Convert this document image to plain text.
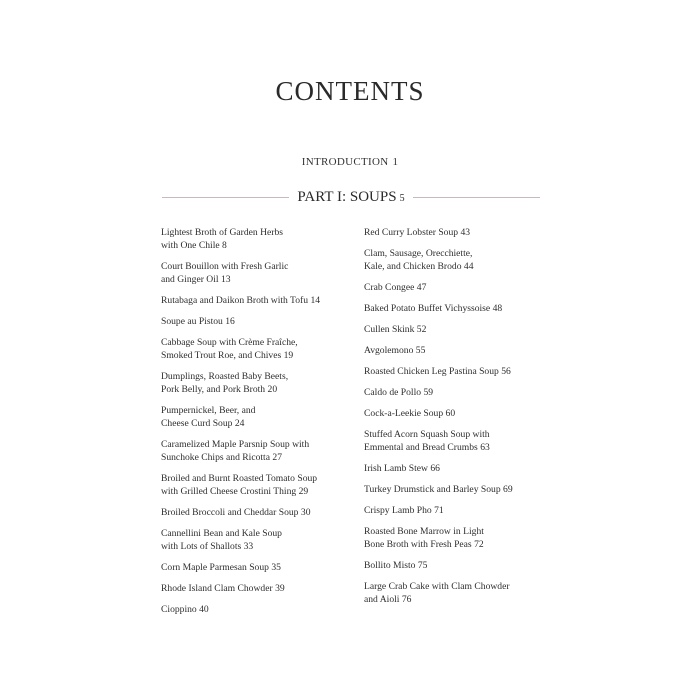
CONTENTS
INTRODUCTION 1
PART I: SOUPS 5
Lightest Broth of Garden Herbs
with One Chile 8
Court Bouillon with Fresh Garlic
and Ginger Oil 13
Rutabaga and Daikon Broth with Tofu 14
Soupe au Pistou 16
Cabbage Soup with Crème Fraîche,
Smoked Trout Roe, and Chives 19
Dumplings, Roasted Baby Beets,
Pork Belly, and Pork Broth 20
Pumpernickel, Beer, and
Cheese Curd Soup 24
Caramelized Maple Parsnip Soup with
Sunchoke Chips and Ricotta 27
Broiled and Burnt Roasted Tomato Soup
with Grilled Cheese Crostini Thing 29
Broiled Broccoli and Cheddar Soup 30
Cannellini Bean and Kale Soup
with Lots of Shallots 33
Corn Maple Parmesan Soup 35
Rhode Island Clam Chowder 39
Cioppino 40
Red Curry Lobster Soup 43
Clam, Sausage, Orecchiette,
Kale, and Chicken Brodo 44
Crab Congee 47
Baked Potato Buffet Vichyssoise 48
Cullen Skink 52
Avgolemono 55
Roasted Chicken Leg Pastina Soup 56
Caldo de Pollo 59
Cock-a-Leekie Soup 60
Stuffed Acorn Squash Soup with
Emmental and Bread Crumbs 63
Irish Lamb Stew 66
Turkey Drumstick and Barley Soup 69
Crispy Lamb Pho 71
Roasted Bone Marrow in Light
Bone Broth with Fresh Peas 72
Bollito Misto 75
Large Crab Cake with Clam Chowder
and Aioli 76
